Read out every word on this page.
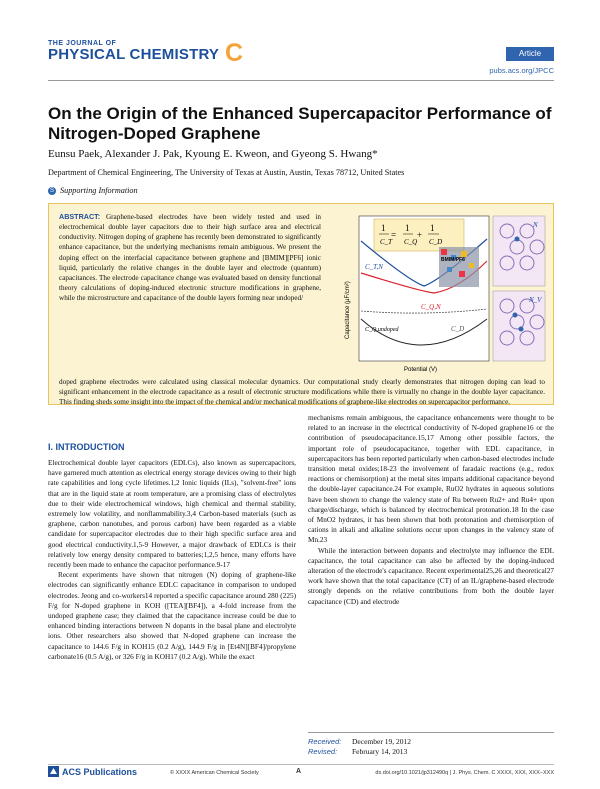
THE JOURNAL OF
PHYSICAL CHEMISTRY C	Article
pubs.acs.org/JPCC
On the Origin of the Enhanced Supercapacitor Performance of Nitrogen-Doped Graphene
Eunsu Paek, Alexander J. Pak, Kyoung E. Kweon, and Gyeong S. Hwang*
Department of Chemical Engineering, The University of Texas at Austin, Austin, Texas 78712, United States
S Supporting Information
ABSTRACT: Graphene-based electrodes have been widely tested and used in electrochemical double layer capacitors due to their high surface area and electrical conductivity. Nitrogen doping of graphene has recently been demonstrated to significantly enhance capacitance, but the underlying mechanisms remain ambiguous. We present the doping effect on the interfacial capacitance between graphene and [BMIM][PF6] ionic liquid, particularly the relative changes in the double layer and electrode (quantum) capacitances. The electrode capacitance change was evaluated based on density functional theory calculations of doping-induced electronic structure modifications in graphene, while the microstructure and capacitance of the double layers forming near undoped/
doped graphene electrodes were calculated using classical molecular dynamics. Our computational study clearly demonstrates that nitrogen doping can lead to significant enhancement in the electrode capacitance as a result of electronic structure modifications while there is virtually no change in the double layer capacitance. This finding sheds some insight into the impact of the chemical and/or mechanical modifications of graphene-like electrodes on supercapacitor performance.
1
C_T
=
1
C_Q
+
1
C_D
BMIM/PF6
C_T,N
C_Q,N
C_Q,undoped	C_D
Capacitance (μF/cm²)
Potential (V)
N
N_V
I. INTRODUCTION

Electrochemical double layer capacitors (EDLCs), also known as supercapacitors, have garnered much attention as electrical energy storage devices owing to their high rate capabilities and long cycle lifetimes.1,2 Ionic liquids (ILs), "solvent-free" ions that are in the liquid state at room temperature, are a promising class of electrolytes due to their wide electrochemical windows, high chemical and thermal stability, extremely low volatility, and nonflammability.3,4 Carbon-based materials (such as graphene, carbon nanotubes, and porous carbon) have been regarded as a viable candidate for supercapacitor electrodes due to their high specific surface area and good electrical conductivity.1,5-9 However, a major drawback of EDLCs is their relatively low energy density compared to batteries;1,2,5 hence, many efforts have recently been made to enhance the capacitor performance.9-17

Recent experiments have shown that nitrogen (N) doping of graphene-like electrodes can significantly enhance EDLC capacitance in comparison to undoped electrodes. Jeong and co-workers14 reported a specific capacitance around 280 (225) F/g for N-doped graphene in KOH ([TEA][BF4]), a 4-fold increase from the undoped graphene case; they claimed that the capacitance increase could be due to enhanced binding interactions between N dopants in the basal plane and electrolyte ions. Other researchers also showed that N-doped graphene can increase the capacitance to 144.6 F/g in KOH15 (0.2 A/g), 144.9 F/g in [Et4N][BF4]/propylene carbonate16 (0.5 A/g), or 326 F/g in KOH17 (0.2 A/g). While the exact

mechanisms remain ambiguous, the capacitance enhancements were thought to be related to an increase in the electrical conductivity of N-doped graphene16 or the contribution of pseudocapacitance.15,17 Among other possible factors, the important role of pseudocapacitance, together with EDL capacitance, in supercapacitors has been reported particularly when carbon-based electrodes include transition metal oxides;18-23 the involvement of faradaic reactions (e.g., redox reactions or chemisorption) at the metal sites imparts additional capacitance beyond the double-layer capacitance.24 For example, RuO2 hydrates in aqueous solutions have been shown to change the valency state of Ru between Ru2+ and Ru4+ upon charge/discharge, which is balanced by electrochemical protonation.18 In the case of MnO2 hydrates, it has been shown that both protonation and chemisorption of cations in alkali and alkaline solutions occur upon changes in the valency state of Mn.23

While the interaction between dopants and electrolyte may influence the EDL capacitance, the total capacitance can also be affected by the doping-induced alteration of the electrode's capacitance. Recent experimental25,26 and theoretical27 work have shown that the total capacitance (CT) of an IL/graphene-based electrode strongly depends on the relative contributions from both the double layer capacitance (CD) and electrode

Received: December 19, 2012
Revised: February 14, 2013
ACS Publications	© XXXX American Chemical Society	A	dx.doi.org/10.1021/jp312490q | J. Phys. Chem. C XXXX, XXX, XXX−XXX
